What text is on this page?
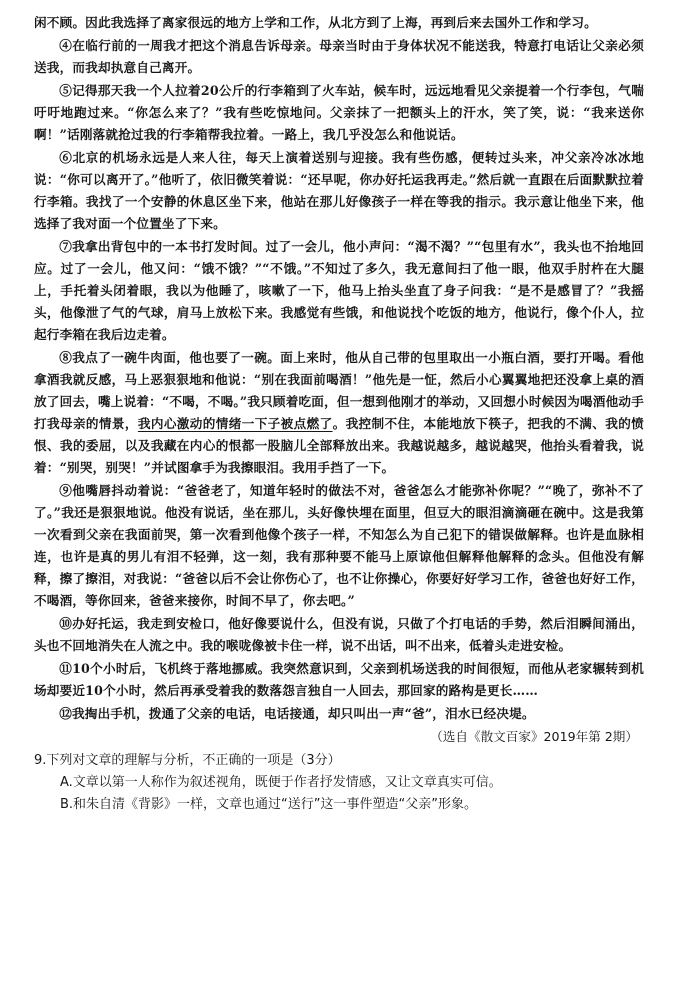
闲不顾。因此我选择了离家很远的地方上学和工作，从北方到了上海，再到后来去国外工作和学习。

④在临行前的一周我才把这个消息告诉母亲。母亲当时由于身体状况不能送我，特意打电话让父亲必须送我，而我却执意自己离开。

⑤记得那天我一个人拉着20公斤的行李箱到了火车站，候车时，远远地看见父亲提着一个行李包，气喘吁吁地跑过来。“你怎么来了？”我有些吃惊地问。父亲抹了一把额头上的汗水，笑了笑，说：“我来送你啊！”话刚落就抢过我的行李箱帮我拉着。一路上，我几乎没怎么和他说话。

⑥北京的机场永远是人来人往，每天上演着送别与迎接。我有些伤感，便转过头来，冲父亲冷冰冰地说：“你可以离开了。”他听了，依旧微笑着说：“还早呢，你办好托运我再走。”然后就一直跟在后面默默拉着行李箱。我找了一个安静的休息区坐下来，他站在那儿好像孩子一样在等我的指示。我示意让他坐下来，他选择了我对面一个位置坐了下来。

⑦我拿出背包中的一本书打发时间。过了一会儿，他小声问：“渴不渴？”“包里有水”，我头也不抬地回应。过了一会儿，他又问：“饿不饿？”“不饿。”不知过了多久，我无意间扫了他一眼，他双手肘杵在大腿上，手托着头闭着眼，我以为他睡了，咳嗽了一下，他马上抬头坐直了身子问我：“是不是感冒了？”我摇头，他像泄了气的气球，肩马上放松下来。我感觉有些饿，和他说找个吃饭的地方，他说行，像个仆人，拉起行李箱在我后边走着。

⑧我点了一碗牛肉面，他也要了一碗。面上来时，他从自己带的包里取出一小瓶白酒，要打开喝。看他拿酒我就反感，马上恶狠狠地和他说：“别在我面前喝酒！”他先是一怔，然后小心翼翼地把还没拿上桌的酒放了回去，嘴上说着：“不喝，不喝。”我只顾着吃面，但一想到他刚才的举动，又回想小时候因为喝酒他动手打我母亲的情景，我内心激动的情绪一下子被点燃了。我控制不住，本能地放下筷子，把我的不满、我的愤恨、我的委屈，以及我藏在内心的恨都一股脑儿全部释放出来。我越说越多，越说越哭，他抬头看着我，说着：“别哭，别哭！”并试图拿手为我擦眼泪。我用手挡了一下。

⑨他嘴唇抖动着说：“爸爸老了，知道年轻时的做法不对，爸爸怎么才能弥补你呢？”“晚了，弥补不了了。”我还是狠狠地说。他没有说话，坐在那儿，头好像快埋在面里，但豆大的眼泪滴滴砸在碗中。这是我第一次看到父亲在我面前哭，第一次看到他像个孩子一样，不知怎么为自己犯下的错误做解释。也许是血脉相连，也许是真的男儿有泪不轻弹，这一刻，我有那种要不能马上原谅他但解释他解释的念头。但他没有解释，擦了擦泪，对我说：“爸爸以后不会让你伤心了，也不让你操心，你要好好学习工作，爸爸也好好工作，不喝酒，等你回来，爸爸来接你，时间不早了，你去吧。”

⑩办好托运，我走到安检口，他好像要说什么，但没有说，只做了个打电话的手势，然后泪瞬间涌出，头也不回地消失在人流之中。我的喉咙像被卡住一样，说不出话，叫不出来，低着头走进安检。

⑪10个小时后，飞机终于落地挪威。我突然意识到，父亲到机场送我的时间很短，而他从老家辗转到机场却要近10个小时，然后再承受着我的数落怨言独自一人回去，那回家的路构是更长……

⑫我掏出手机，拨通了父亲的电话，电话接通，却只叫出一声“爸”，泪水已经决堤。

（选自《散文百家》2019年第 2期）

9.下列对文章的理解与分析，不正确的一项是（3分）

A.文章以第一人称作为叙述视角，既便于作者抒发情感，又让文章真实可信。

B.和朱自清《背影》一样，文章也通过“送行”这一事件塑造“父亲”形象。
